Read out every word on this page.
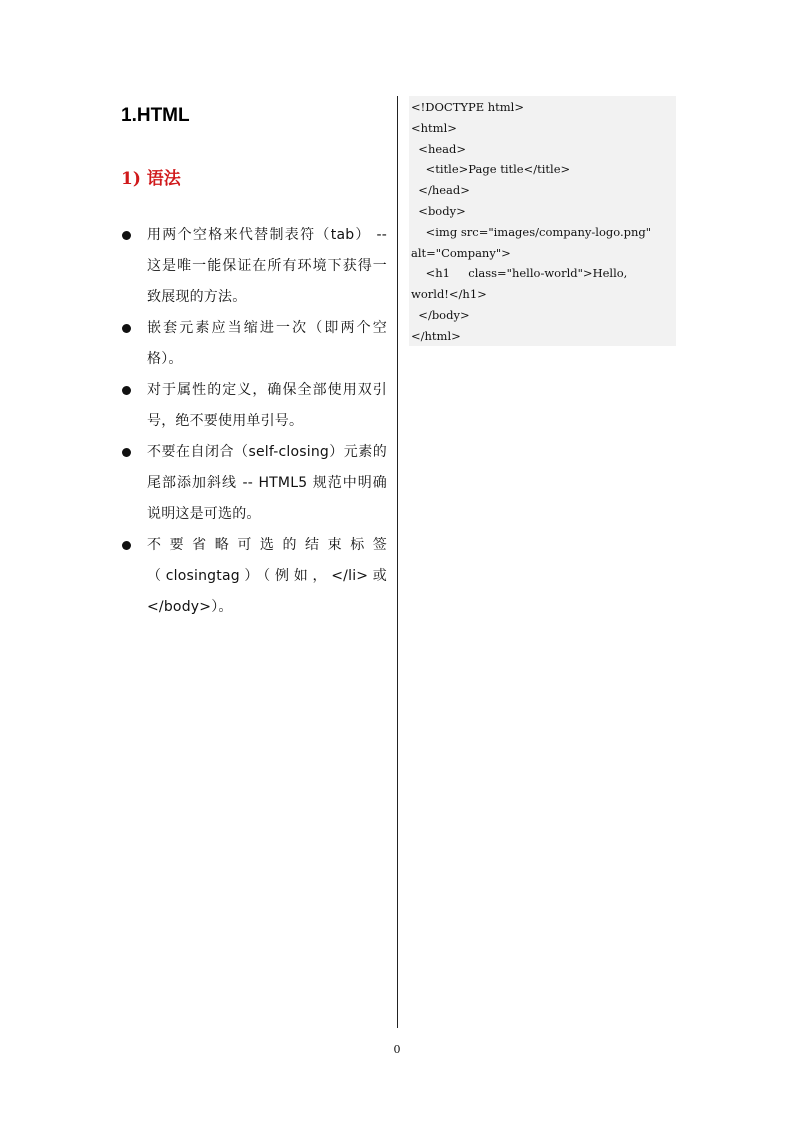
1.HTML
1) 语法
用两个空格来代替制表符（tab） -- 这是唯一能保证在所有环境下获得一致展现的方法。
嵌套元素应当缩进一次（即两个空格）。
对于属性的定义，确保全部使用双引号，绝不要使用单引号。
不要在自闭合（self-closing）元素的尾部添加斜线 -- HTML5 规范中明确说明这是可选的。
不要省略可选的结束标签（closingtag）（例如，</li>或</body>）。
<!DOCTYPE html>
<html>
<head>
<title>Page title</title>
</head>
<body>
<img src="images/company-logo.png"
alt="Company">
<h1     class="hello-world">Hello,
world!</h1>
</body>
</html>
0
